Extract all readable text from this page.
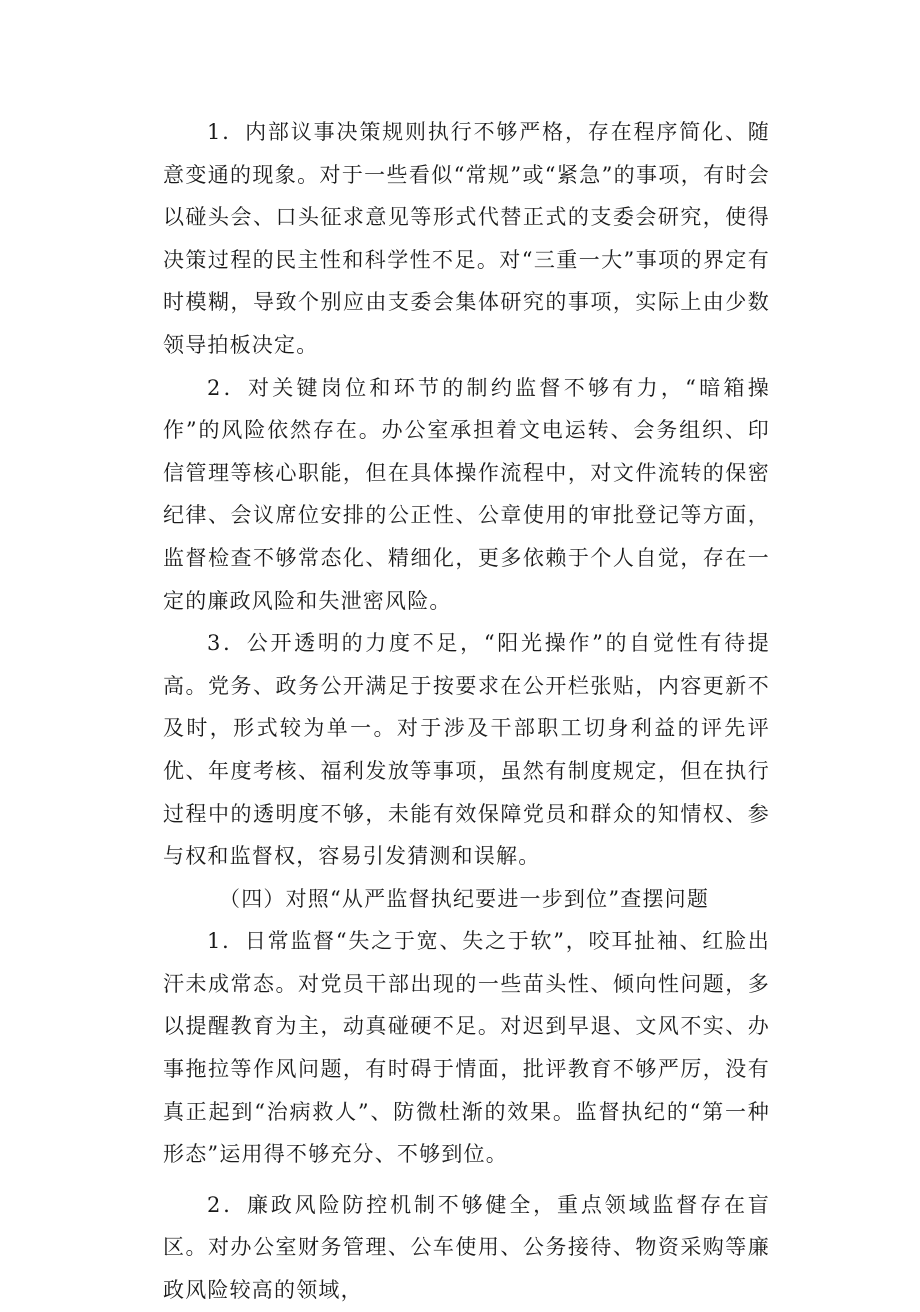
1．内部议事决策规则执行不够严格，存在程序简化、随意变通的现象。对于一些看似“常规”或“紧急”的事项，有时会以碰头会、口头征求意见等形式代替正式的支委会研究，使得决策过程的民主性和科学性不足。对“三重一大”事项的界定有时模糊，导致个别应由支委会集体研究的事项，实际上由少数领导拍板决定。

2．对关键岗位和环节的制约监督不够有力，“暗箱操作”的风险依然存在。办公室承担着文电运转、会务组织、印信管理等核心职能，但在具体操作流程中，对文件流转的保密纪律、会议席位安排的公正性、公章使用的审批登记等方面，监督检查不够常态化、精细化，更多依赖于个人自觉，存在一定的廉政风险和失泄密风险。

3．公开透明的力度不足，“阳光操作”的自觉性有待提高。党务、政务公开满足于按要求在公开栏张贴，内容更新不及时，形式较为单一。对于涉及干部职工切身利益的评先评优、年度考核、福利发放等事项，虽然有制度规定，但在执行过程中的透明度不够，未能有效保障党员和群众的知情权、参与权和监督权，容易引发猜测和误解。

（四）对照“从严监督执纪要进一步到位”查摆问题

1．日常监督“失之于宽、失之于软”，咬耳扯袖、红脸出汗未成常态。对党员干部出现的一些苗头性、倾向性问题，多以提醒教育为主，动真碰硬不足。对迟到早退、文风不实、办事拖拉等作风问题，有时碍于情面，批评教育不够严厉，没有真正起到“治病救人”、防微杜渐的效果。监督执纪的“第一种形态”运用得不够充分、不够到位。

2．廉政风险防控机制不够健全，重点领域监督存在盲区。对办公室财务管理、公车使用、公务接待、物资采购等廉政风险较高的领域，
